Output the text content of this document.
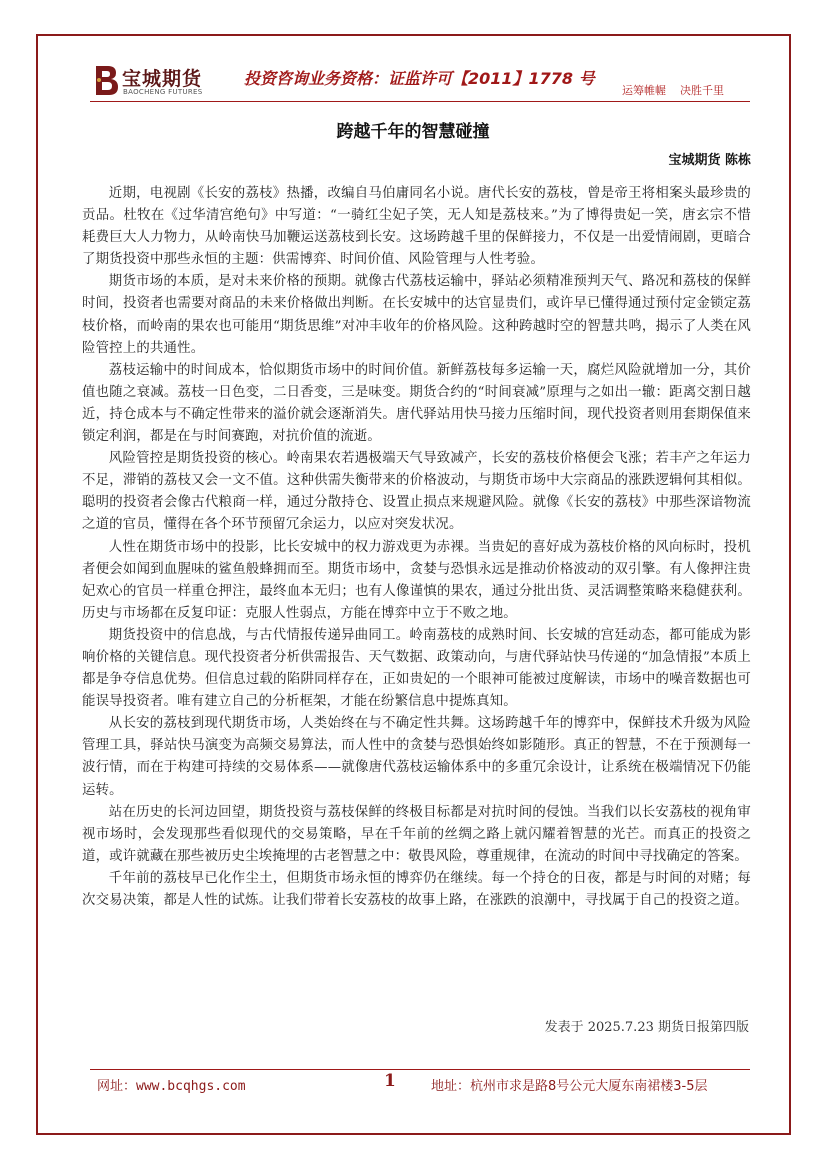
宝城期货
BAOCHENG FUTURES
投资咨询业务资格：证监许可【2011】1778 号
运筹帷幄 决胜千里
跨越千年的智慧碰撞
宝城期货 陈栋

近期，电视剧《长安的荔枝》热播，改编自马伯庸同名小说。唐代长安的荔枝，曾是帝王将相案头最珍贵的贡品。杜牧在《过华清宫绝句》中写道：“一骑红尘妃子笑，无人知是荔枝来。”为了博得贵妃一笑，唐玄宗不惜耗费巨大人力物力，从岭南快马加鞭运送荔枝到长安。这场跨越千里的保鲜接力，不仅是一出爱情闹剧，更暗合了期货投资中那些永恒的主题：供需博弈、时间价值、风险管理与人性考验。

期货市场的本质，是对未来价格的预期。就像古代荔枝运输中，驿站必须精准预判天气、路况和荔枝的保鲜时间，投资者也需要对商品的未来价格做出判断。在长安城中的达官显贵们，或许早已懂得通过预付定金锁定荔枝价格，而岭南的果农也可能用“期货思维”对冲丰收年的价格风险。这种跨越时空的智慧共鸣，揭示了人类在风险管控上的共通性。

荔枝运输中的时间成本，恰似期货市场中的时间价值。新鲜荔枝每多运输一天，腐烂风险就增加一分，其价值也随之衰减。荔枝一日色变，二日香变，三是味变。期货合约的“时间衰减”原理与之如出一辙：距离交割日越近，持仓成本与不确定性带来的溢价就会逐渐消失。唐代驿站用快马接力压缩时间，现代投资者则用套期保值来锁定利润，都是在与时间赛跑，对抗价值的流逝。

风险管控是期货投资的核心。岭南果农若遇极端天气导致减产，长安的荔枝价格便会飞涨；若丰产之年运力不足，滞销的荔枝又会一文不值。这种供需失衡带来的价格波动，与期货市场中大宗商品的涨跌逻辑何其相似。聪明的投资者会像古代粮商一样，通过分散持仓、设置止损点来规避风险。就像《长安的荔枝》中那些深谙物流之道的官员，懂得在各个环节预留冗余运力，以应对突发状况。

人性在期货市场中的投影，比长安城中的权力游戏更为赤裸。当贵妃的喜好成为荔枝价格的风向标时，投机者便会如闻到血腥味的鲨鱼般蜂拥而至。期货市场中，贪婪与恐惧永远是推动价格波动的双引擎。有人像押注贵妃欢心的官员一样重仓押注，最终血本无归；也有人像谨慎的果农，通过分批出货、灵活调整策略来稳健获利。历史与市场都在反复印证：克服人性弱点，方能在博弈中立于不败之地。

期货投资中的信息战，与古代情报传递异曲同工。岭南荔枝的成熟时间、长安城的宫廷动态，都可能成为影响价格的关键信息。现代投资者分析供需报告、天气数据、政策动向，与唐代驿站快马传递的“加急情报”本质上都是争夺信息优势。但信息过载的陷阱同样存在，正如贵妃的一个眼神可能被过度解读，市场中的噪音数据也可能误导投资者。唯有建立自己的分析框架，才能在纷繁信息中提炼真知。

从长安的荔枝到现代期货市场，人类始终在与不确定性共舞。这场跨越千年的博弈中，保鲜技术升级为风险管理工具，驿站快马演变为高频交易算法，而人性中的贪婪与恐惧始终如影随形。真正的智慧，不在于预测每一波行情，而在于构建可持续的交易体系——就像唐代荔枝运输体系中的多重冗余设计，让系统在极端情况下仍能运转。

站在历史的长河边回望，期货投资与荔枝保鲜的终极目标都是对抗时间的侵蚀。当我们以长安荔枝的视角审视市场时，会发现那些看似现代的交易策略，早在千年前的丝绸之路上就闪耀着智慧的光芒。而真正的投资之道，或许就藏在那些被历史尘埃掩埋的古老智慧之中：敬畏风险，尊重规律，在流动的时间中寻找确定的答案。

千年前的荔枝早已化作尘土，但期货市场永恒的博弈仍在继续。每一个持仓的日夜，都是与时间的对赌；每次交易决策，都是人性的试炼。让我们带着长安荔枝的故事上路，在涨跌的浪潮中，寻找属于自己的投资之道。

发表于 2025.7.23 期货日报第四版
网址：www.bcqhgs.com	1	地址：杭州市求是路8号公元大厦东南裙楼3-5层
